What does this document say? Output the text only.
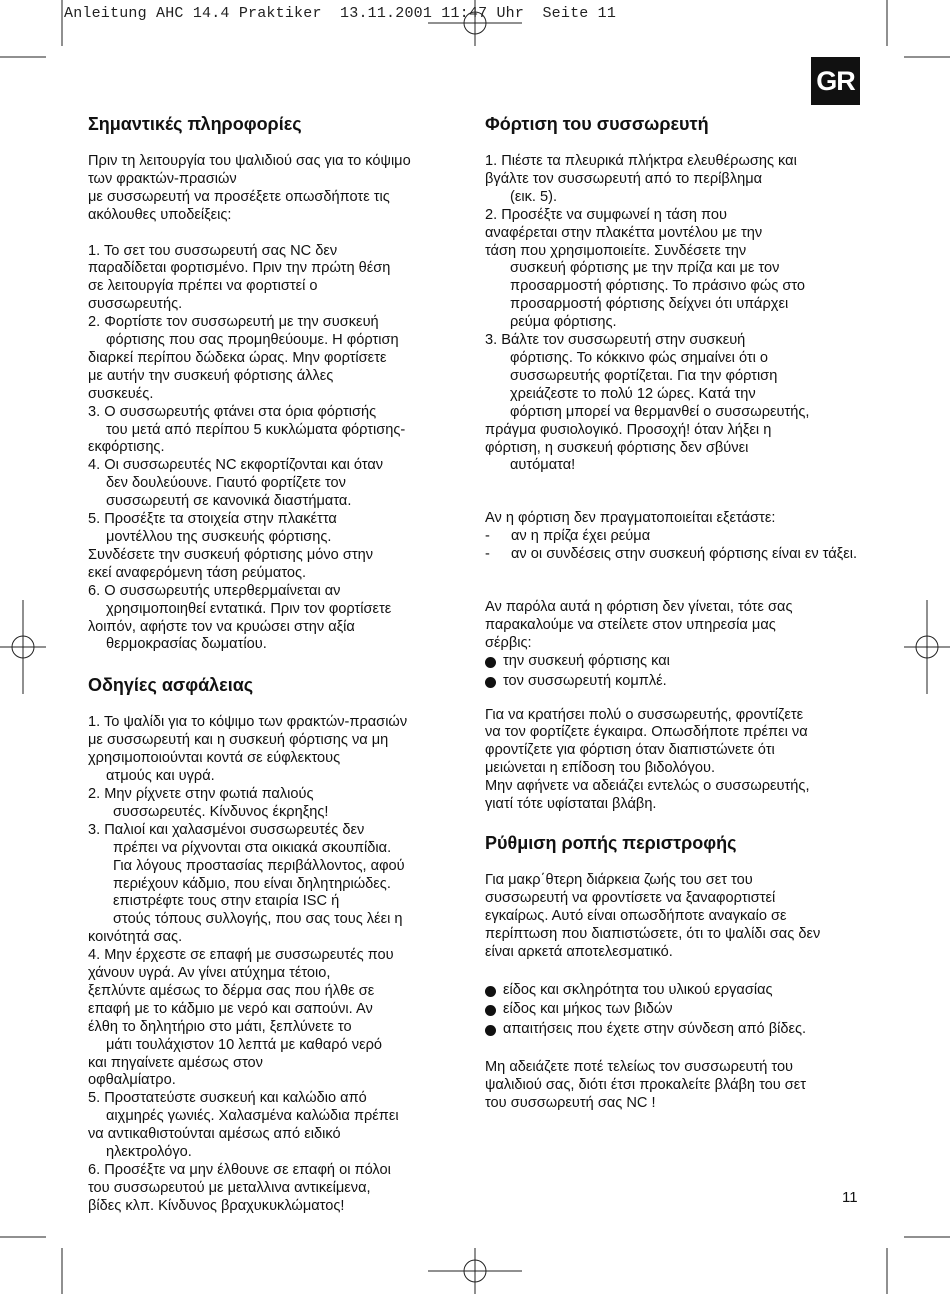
Anleitung AHC 14.4 Praktiker  13.11.2001 11:47 Uhr  Seite 11
GR
Σημαντικές πληροφορίες

Πριν τη λειτουργία του ψαλιδιού σας για το κόψιμο

των φρακτών-πρασιών

με συσσωρευτή να προσέξετε οπωσδήποτε τις

ακόλουθες υποδείξεις:

1. Το σετ του συσσωρευτή σας NC δεν

παραδίδεται φορτισμένο. Πριν την πρώτη θέση

σε λειτουργία πρέπει να φορτιστεί ο

συσσωρευτής.

2. Φορτίστε τον συσσωρευτή με την συσκευή

φόρτισης που σας προμηθεύουμε. Η φόρτιση

διαρκεί περίπου δώδεκα ώρας. Μην φορτίσετε

με αυτήν την συσκευή φόρτισης άλλες

συσκευές.

3. Ο συσσωρευτής φτάνει στα όρια φόρτισής

του μετά από περίπου 5 κυκλώματα φόρτισης-

εκφόρτισης.

4. Οι συσσωρευτές NC εκφορτίζονται και όταν

δεν δουλεύουνε. Γιαυτό φορτίζετε τον

συσσωρευτή σε κανονικά διαστήματα.

5. Προσέξτε τα στοιχεία στην πλακέττα

μοντέλλου της συσκευής φόρτισης.

Συνδέσετε την συσκευή φόρτισης μόνο στην

εκεί αναφερόμενη τάση ρεύματος.

6. Ο συσσωρευτής υπερθερμαίνεται αν

χρησιμοποιηθεί εντατικά. Πριν τον φορτίσετε

λοιπόν, αφήστε τον να κρυώσει στην αξία

θερμοκρασίας δωματίου.

Οδηγίες ασφάλειας

1. Το ψαλίδι για το κόψιμο των φρακτών-πρασιών

με συσσωρευτή και η συσκευή φόρτισης να μη

χρησιμοποιούνται κοντά σε εύφλεκτους

ατμούς και υγρά.

2. Μην ρίχνετε στην φωτιά παλιούς

συσσωρευτές. Κίνδυνος έκρηξης!

3. Παλιοί και χαλασμένοι συσσωρευτές δεν

πρέπει να ρίχνονται στα οικιακά σκουπίδια.

Για λόγους προστασίας περιβάλλοντος, αφού

περιέχουν κάδμιο, που είναι δηλητηριώδες.

επιστρέφτε τους στην εταιρία ISC ή

στούς τόπους συλλογής, που σας τους λέει η

κοινότητά σας.

4. Μην έρχεστε σε επαφή με συσσωρευτές που

χάνουν υγρά. Αν γίνει ατύχημα τέτοιο,

ξεπλύντε αμέσως το δέρμα σας που ήλθε σε

επαφή με το κάδμιο με νερό και σαπούνι. Αν

έλθη το δηλητήριο στο μάτι, ξεπλύνετε το

μάτι τουλάχιστον 10 λεπτά με καθαρό νερό

και πηγαίνετε αμέσως στον

οφθαλμίατρο.

5. Προστατεύστε συσκευή και καλώδιο από

αιχμηρές γωνιές. Χαλασμένα καλώδια πρέπει

να αντικαθιστούνται αμέσως από ειδικό

ηλεκτρολόγο.

6. Προσέξτε να μην έλθουνε σε επαφή οι πόλοι

του συσσωρευτού με μεταλλινα αντικείμενα,

βίδες κλπ. Κίνδυνος βραχυκυκλώματος!

Φόρτιση του συσσωρευτή

1. Πιέστε τα πλευρικά πλήκτρα ελευθέρωσης και

βγάλτε τον συσσωρευτή από το περίβλημα

(εικ. 5).

2. Προσέξτε να συμφωνεί η τάση που

αναφέρεται στην πλακέττα μοντέλου με την

τάση που χρησιμοποιείτε. Συνδέσετε την

συσκευή φόρτισης με την πρίζα και με τον

προσαρμοστή φόρτισης. Το πράσινο φώς στο

προσαρμοστή φόρτισης δείχνει ότι υπάρχει

ρεύμα φόρτισης.

3. Βάλτε τον συσσωρευτή στην συσκευή

φόρτισης. Το κόκκινο φώς σημαίνει ότι ο

συσσωρευτής φορτίζεται. Για την φόρτιση

χρειάζεστε το πολύ 12 ώρες. Κατά την

φόρτιση μπορεί να θερμανθεί ο συσσωρευτής,

πράγμα φυσιολογικό. Προσοχή! όταν λήξει η

φόρτιση, η συσκευή φόρτισης δεν σβύνει

αυτόματα!

Αν η φόρτιση δεν πραγματοποιείται εξετάστε:

-	αν η πρίζα έχει ρεύμα
-	αν οι συνδέσεις στην συσκευή φόρτισης είναι εν τάξει.

Αν παρόλα αυτά η φόρτιση δεν γίνεται, τότε σας

παρακαλούμε να στείλετε στον υπηρεσία μας

σέρβις:

την συσκευή φόρτισης και
τον συσσωρευτή κομπλέ.

Για να κρατήσει πολύ ο συσσωρευτής, φροντίζετε

να τον φορτίζετε έγκαιρα. Οπωσδήποτε πρέπει να

φροντίζετε για φόρτιση όταν διαπιστώνετε ότι

μειώνεται η επίδοση του βιδολόγου.

Μην αφήνετε να αδειάζει εντελώς ο συσσωρευτής,

γιατί τότε υφίσταται βλάβη.

Ρύθμιση ροπής περιστροφής

Για μακρ΄θτερη διάρκεια ζωής του σετ του

συσσωρευτή να φροντίσετε να ξαναφορτιστεί

εγκαίρως. Αυτό είναι οπωσδήποτε αναγκαίο σε

περίπτωση που διαπιστώσετε, ότι το ψαλίδι σας δεν

είναι αρκετά αποτελεσματικό.

είδος και σκληρότητα του υλικού εργασίας
είδος και μήκος των βιδών
απαιτήσεις που έχετε στην σύνδεση από βίδες.

Μη αδειάζετε ποτέ τελείως τον συσσωρευτή του

ψαλιδιού σας, διότι έτσι προκαλείτε βλάβη του σετ

του συσσωρευτή σας NC !

11
